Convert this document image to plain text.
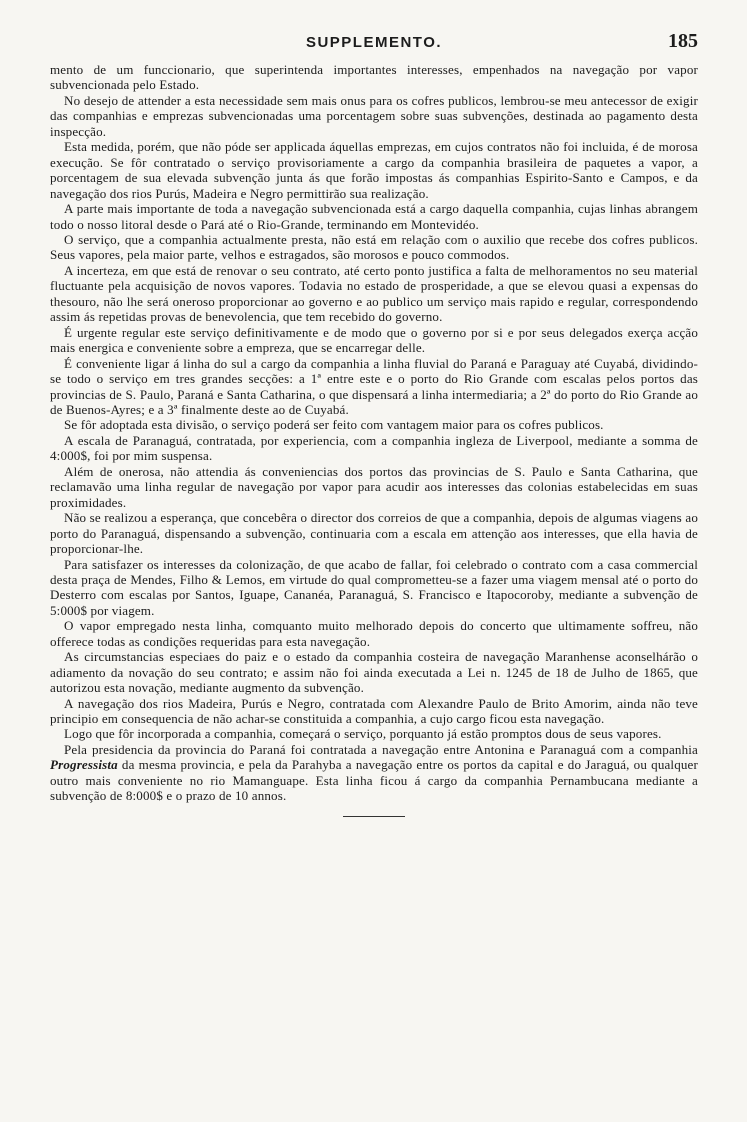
SUPPLEMENTO.	185

mento de um funccionario, que superintenda importantes interesses, empenhados na navegação por vapor subvencionada pelo Estado.

No desejo de attender a esta necessidade sem mais onus para os cofres publicos, lembrou-se meu antecessor de exigir das companhias e emprezas subvencionadas uma porcentagem sobre suas subvenções, destinada ao pagamento desta inspecção.

Esta medida, porém, que não póde ser applicada áquellas emprezas, em cujos contratos não foi incluida, é de morosa execução. Se fôr contratado o serviço provisoriamente a cargo da companhia brasileira de paquetes a vapor, a porcentagem de sua elevada subvenção junta ás que forão impostas ás companhias Espirito-Santo e Campos, e da navegação dos rios Purús, Madeira e Negro permittirão sua realização.

A parte mais importante de toda a navegação subvencionada está a cargo daquella companhia, cujas linhas abrangem todo o nosso litoral desde o Pará até o Rio-Grande, terminando em Montevidéo.

O serviço, que a companhia actualmente presta, não está em relação com o auxilio que recebe dos cofres publicos. Seus vapores, pela maior parte, velhos e estragados, são morosos e pouco commodos.

A incerteza, em que está de renovar o seu contrato, até certo ponto justifica a falta de melhoramentos no seu material fluctuante pela acquisição de novos vapores. Todavia no estado de prosperidade, a que se elevou quasi a expensas do thesouro, não lhe será oneroso proporcionar ao governo e ao publico um serviço mais rapido e regular, correspondendo assim ás repetidas provas de benevolencia, que tem recebido do governo.

É urgente regular este serviço definitivamente e de modo que o governo por si e por seus delegados exerça acção mais energica e conveniente sobre a empreza, que se encarregar delle.

É conveniente ligar á linha do sul a cargo da companhia a linha fluvial do Paraná e Paraguay até Cuyabá, dividindo-se todo o serviço em tres grandes secções: a 1ª entre este e o porto do Rio Grande com escalas pelos portos das provincias de S. Paulo, Paraná e Santa Catharina, o que dispensará a linha intermediaria; a 2ª do porto do Rio Grande ao de Buenos-Ayres; e a 3ª finalmente deste ao de Cuyabá.

Se fôr adoptada esta divisão, o serviço poderá ser feito com vantagem maior para os cofres publicos.

A escala de Paranaguá, contratada, por experiencia, com a companhia ingleza de Liverpool, mediante a somma de 4:000$, foi por mim suspensa.

Além de onerosa, não attendia ás conveniencias dos portos das provincias de S. Paulo e Santa Catharina, que reclamavão uma linha regular de navegação por vapor para acudir aos interesses das colonias estabelecidas em suas proximidades.

Não se realizou a esperança, que concebêra o director dos correios de que a companhia, depois de algumas viagens ao porto do Paranaguá, dispensando a subvenção, continuaria com a escala em attenção aos interesses, que ella havia de proporcionar-lhe.

Para satisfazer os interesses da colonização, de que acabo de fallar, foi celebrado o contrato com a casa commercial desta praça de Mendes, Filho & Lemos, em virtude do qual comprometteu-se a fazer uma viagem mensal até o porto do Desterro com escalas por Santos, Iguape, Cananéa, Paranaguá, S. Francisco e Itapocoroby, mediante a subvenção de 5:000$ por viagem.

O vapor empregado nesta linha, comquanto muito melhorado depois do concerto que ultimamente soffreu, não offerece todas as condições requeridas para esta navegação.

As circumstancias especiaes do paiz e o estado da companhia costeira de navegação Maranhense aconselhárão o adiamento da novação do seu contrato; e assim não foi ainda executada a Lei n. 1245 de 18 de Julho de 1865, que autorizou esta novação, mediante augmento da subvenção.

A navegação dos rios Madeira, Purús e Negro, contratada com Alexandre Paulo de Brito Amorim, ainda não teve principio em consequencia de não achar-se constituida a companhia, a cujo cargo ficou esta navegação.

Logo que fôr incorporada a companhia, começará o serviço, porquanto já estão promptos dous de seus vapores.

Pela presidencia da provincia do Paraná foi contratada a navegação entre Antonina e Paranaguá com a companhia Progressista da mesma provincia, e pela da Parahyba a navegação entre os portos da capital e do Jaraguá, ou qualquer outro mais conveniente no rio Mamanguape. Esta linha ficou á cargo da companhia Pernambucana mediante a subvenção de 8:000$ e o prazo de 10 annos.
